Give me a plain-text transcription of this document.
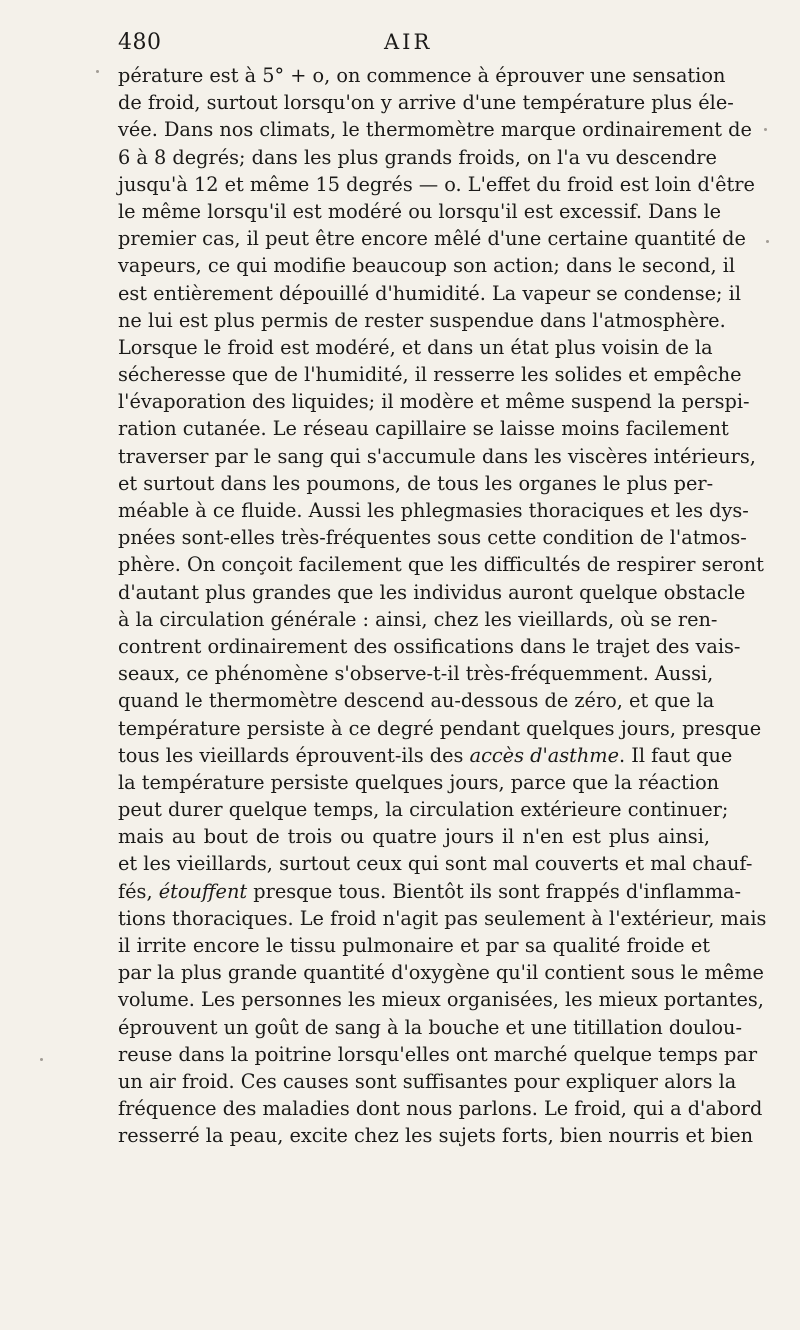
480	AIR
pérature est à 5° + o, on commence à éprouver une sensation
de froid, surtout lorsqu'on y arrive d'une température plus éle-
vée. Dans nos climats, le thermomètre marque ordinairement de
6 à 8 degrés; dans les plus grands froids, on l'a vu descendre
jusqu'à 12 et même 15 degrés — o. L'effet du froid est loin d'être
le même lorsqu'il est modéré ou lorsqu'il est excessif. Dans le
premier cas, il peut être encore mêlé d'une certaine quantité de
vapeurs, ce qui modifie beaucoup son action; dans le second, il
est entièrement dépouillé d'humidité. La vapeur se condense; il
ne lui est plus permis de rester suspendue dans l'atmosphère.
Lorsque le froid est modéré, et dans un état plus voisin de la
sécheresse que de l'humidité, il resserre les solides et empêche
l'évaporation des liquides; il modère et même suspend la perspi-
ration cutanée. Le réseau capillaire se laisse moins facilement
traverser par le sang qui s'accumule dans les viscères intérieurs,
et surtout dans les poumons, de tous les organes le plus per-
méable à ce fluide. Aussi les phlegmasies thoraciques et les dys-
pnées sont-elles très-fréquentes sous cette condition de l'atmos-
phère. On conçoit facilement que les difficultés de respirer seront
d'autant plus grandes que les individus auront quelque obstacle
à la circulation générale : ainsi, chez les vieillards, où se ren-
contrent ordinairement des ossifications dans le trajet des vais-
seaux, ce phénomène s'observe-t-il très-fréquemment. Aussi,
quand le thermomètre descend au-dessous de zéro, et que la
température persiste à ce degré pendant quelques jours, presque
tous les vieillards éprouvent-ils des accès d'asthme. Il faut que
la température persiste quelques jours, parce que la réaction
peut durer quelque temps, la circulation extérieure continuer;
mais au bout de trois ou quatre jours il n'en est plus ainsi,
et les vieillards, surtout ceux qui sont mal couverts et mal chauf-
fés, étouffent presque tous. Bientôt ils sont frappés d'inflamma-
tions thoraciques. Le froid n'agit pas seulement à l'extérieur, mais
il irrite encore le tissu pulmonaire et par sa qualité froide et
par la plus grande quantité d'oxygène qu'il contient sous le même
volume. Les personnes les mieux organisées, les mieux portantes,
éprouvent un goût de sang à la bouche et une titillation doulou-
reuse dans la poitrine lorsqu'elles ont marché quelque temps par
un air froid. Ces causes sont suffisantes pour expliquer alors la
fréquence des maladies dont nous parlons. Le froid, qui a d'abord
resserré la peau, excite chez les sujets forts, bien nourris et bien
